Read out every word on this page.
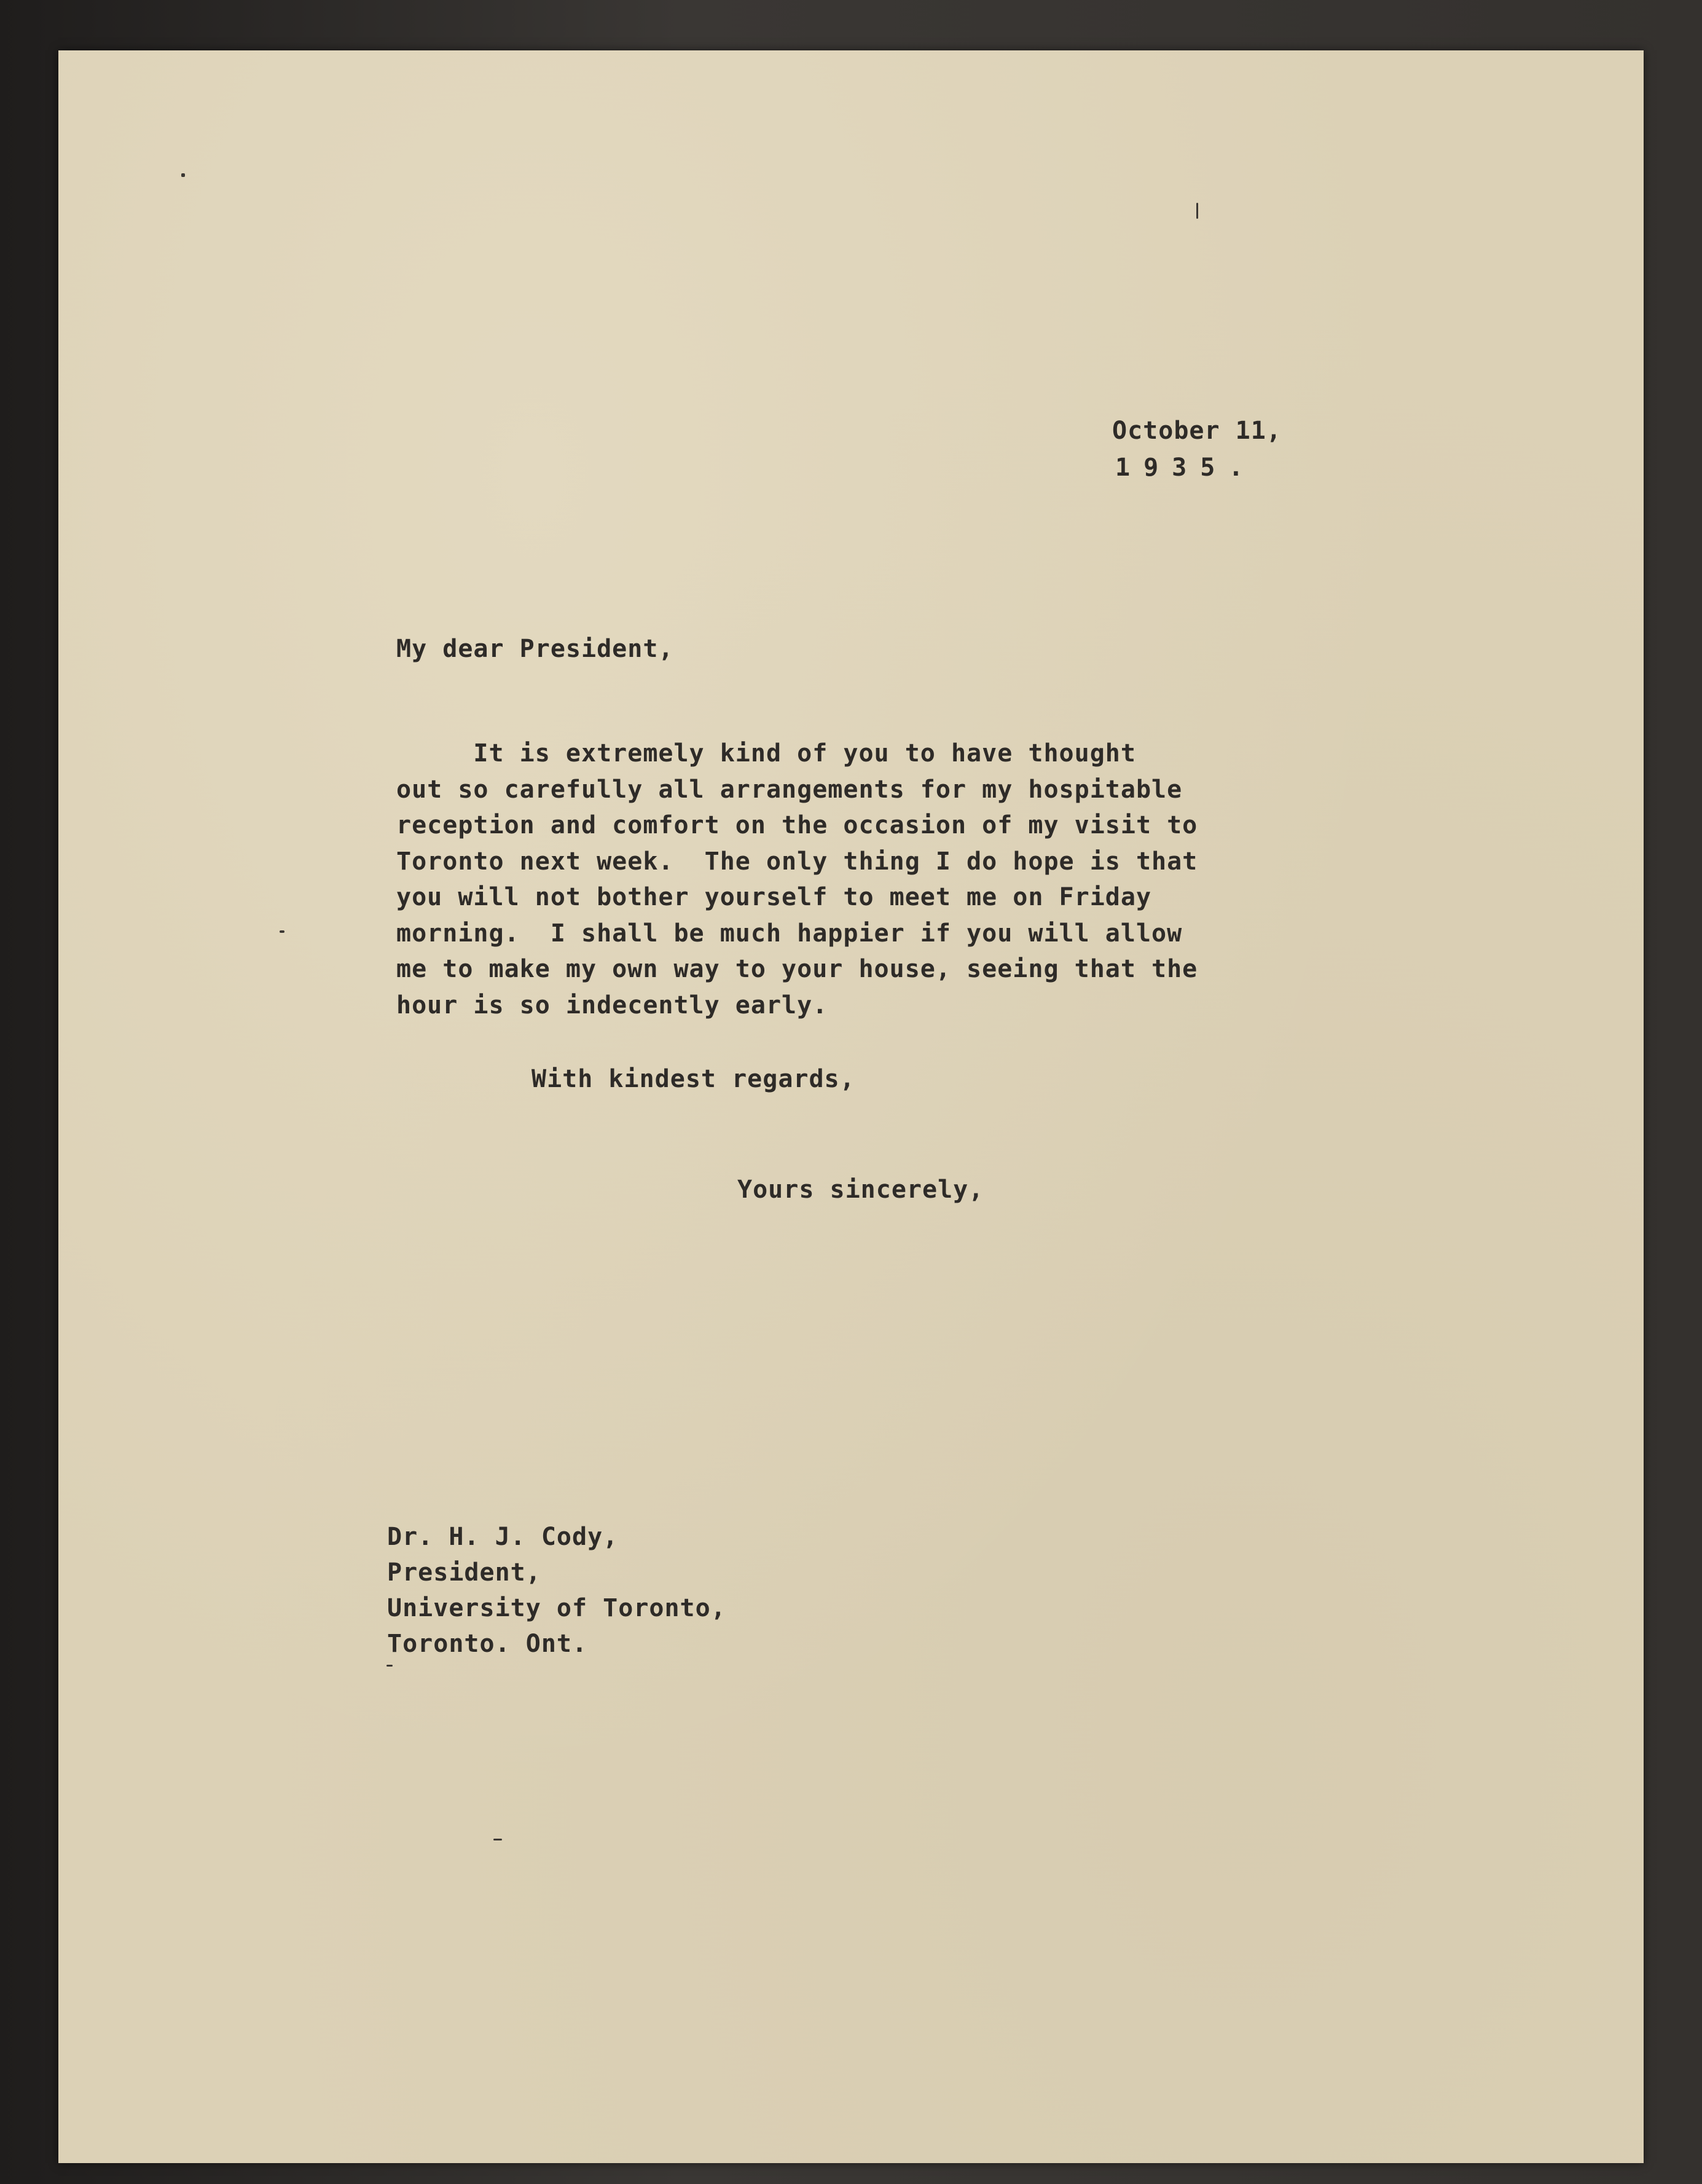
October 11,
1935.
My dear President,
It is extremely kind of you to have thought
out so carefully all arrangements for my hospitable
reception and comfort on the occasion of my visit to
Toronto next week.  The only thing I do hope is that
you will not bother yourself to meet me on Friday
morning.  I shall be much happier if you will allow
me to make my own way to your house, seeing that the
hour is so indecently early.
With kindest regards,
Yours sincerely,
Dr. H. J. Cody,
President,
University of Toronto,
Toronto. Ont.
